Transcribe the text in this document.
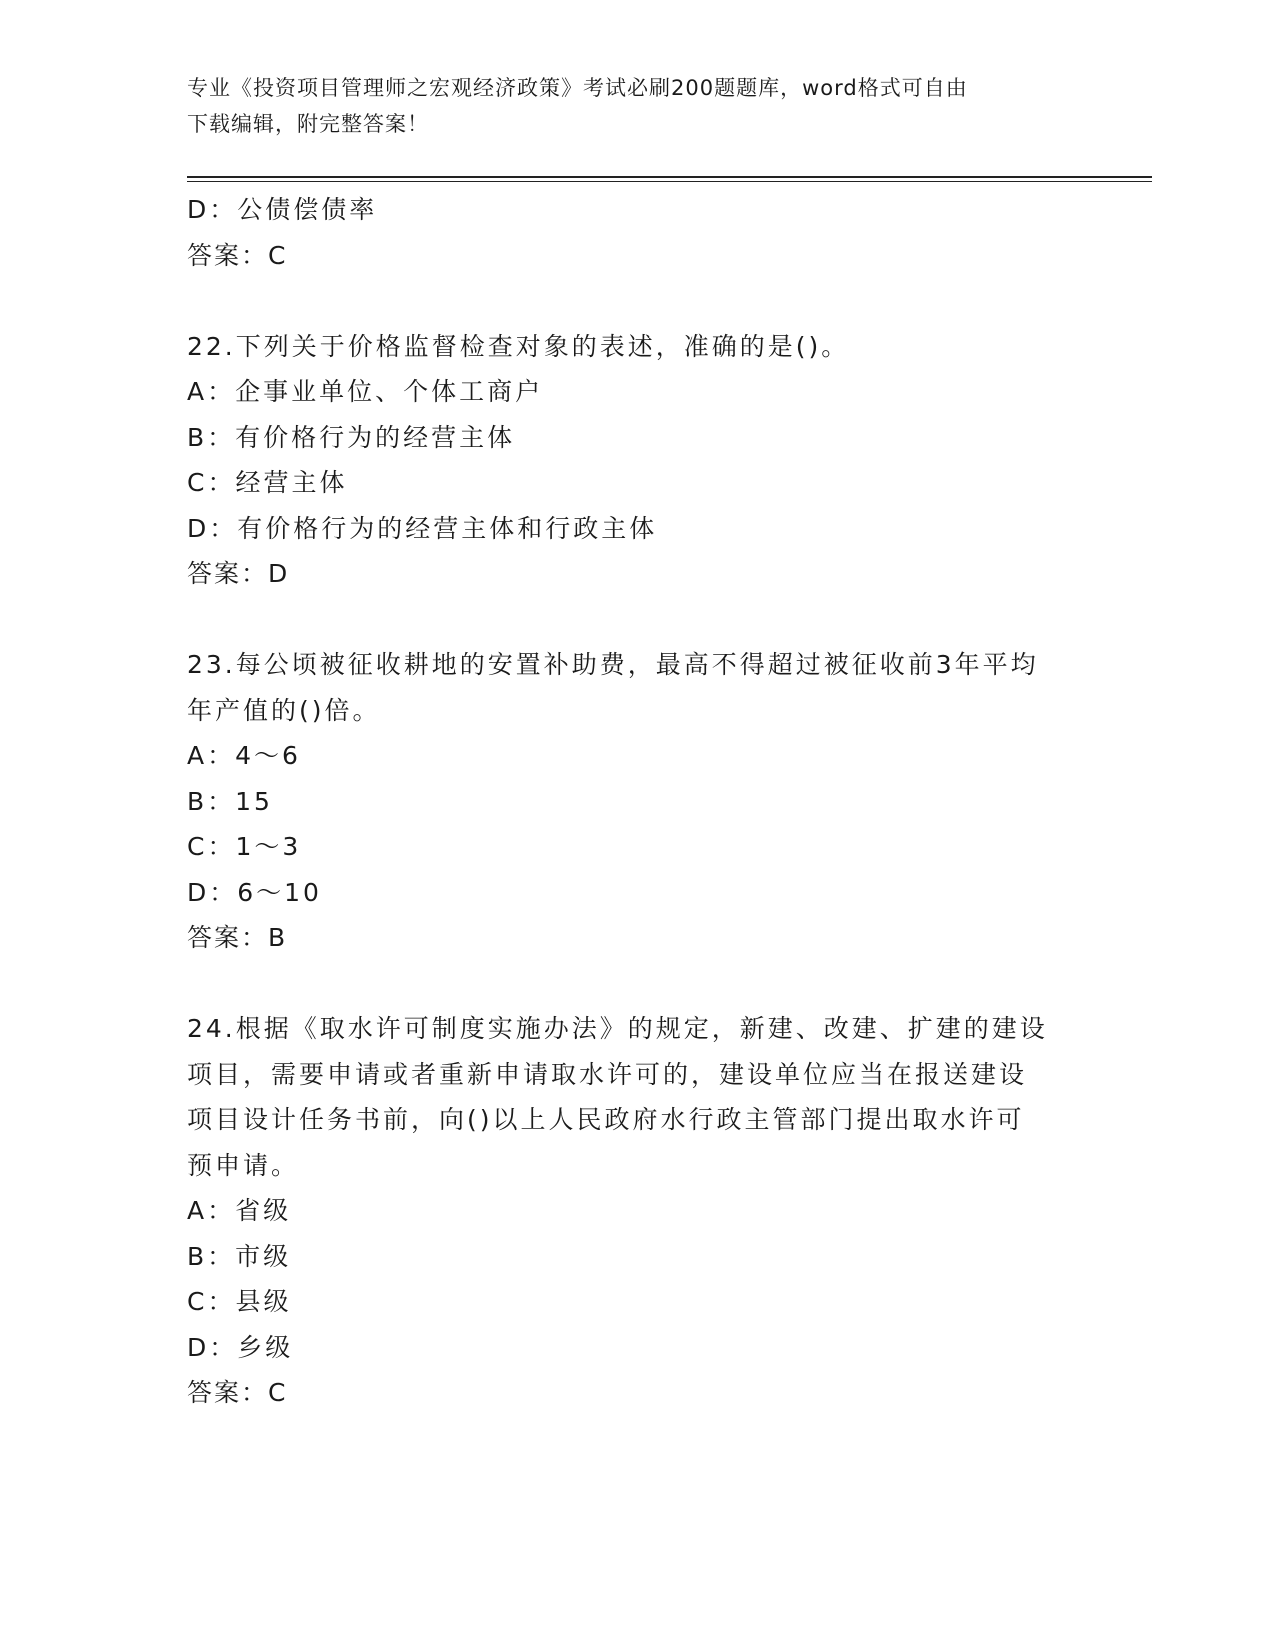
专业《投资项目管理师之宏观经济政策》考试必刷200题题库，word格式可自由
下载编辑，附完整答案！
D：公债偿债率
答案：C
22.下列关于价格监督检查对象的表述，准确的是()。
A：企事业单位、个体工商户
B：有价格行为的经营主体
C：经营主体
D：有价格行为的经营主体和行政主体
答案：D
23.每公顷被征收耕地的安置补助费，最高不得超过被征收前3年平均
年产值的()倍。
A：4～6
B：15
C：1～3
D：6～10
答案：B
24.根据《取水许可制度实施办法》的规定，新建、改建、扩建的建设
项目，需要申请或者重新申请取水许可的，建设单位应当在报送建设
项目设计任务书前，向()以上人民政府水行政主管部门提出取水许可
预申请。
A：省级
B：市级
C：县级
D：乡级
答案：C
